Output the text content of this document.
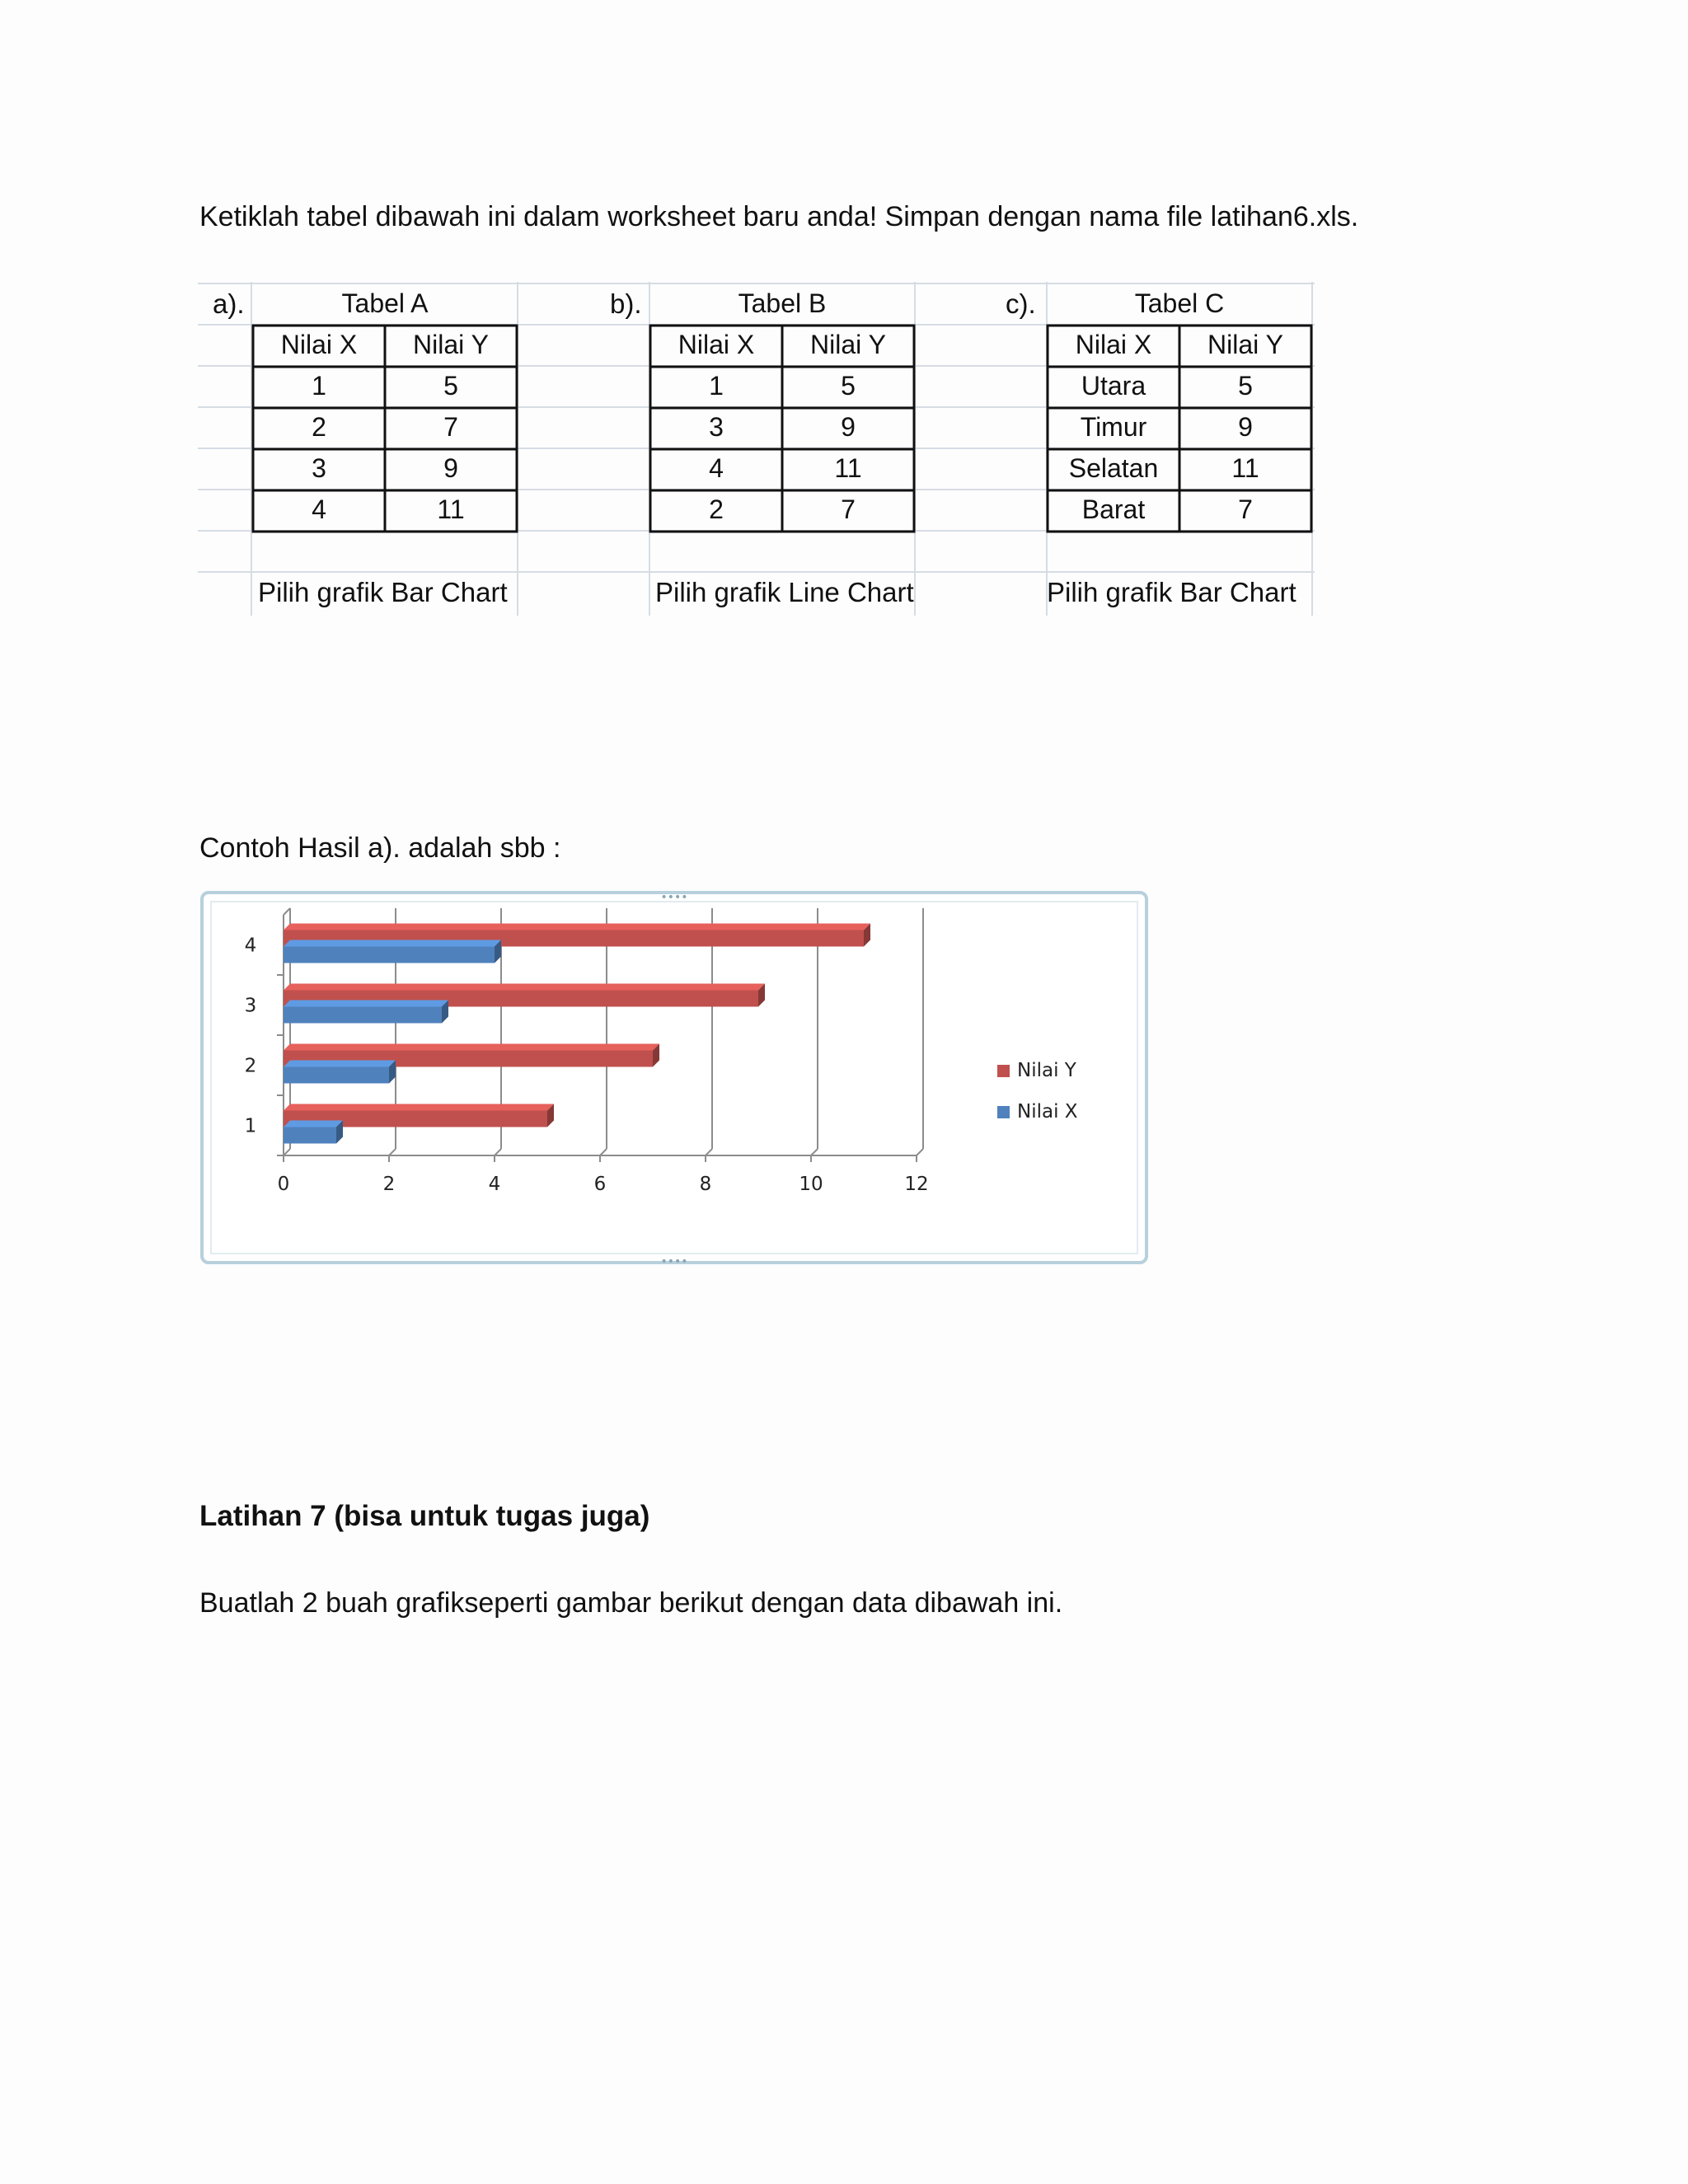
Ketiklah tabel dibawah ini dalam worksheet baru anda! Simpan dengan nama file latihan6.xls.
a).	Tabel A
Nilai X	Nilai Y
1	5
2	7
3	9
4	11
Pilih grafik Bar Chart
b).	Tabel B
Nilai X	Nilai Y
1	5
3	9
4	11
2	7
Pilih grafik Line Chart
c).	Tabel C
Nilai X	Nilai Y
Utara	5
Timur	9
Selatan	11
Barat	7
Pilih grafik Bar Chart
Contoh Hasil a). adalah sbb :
••••
••••
0	2	4	6	8	10	12
1
2
3
4
Nilai Y
Nilai X
Latihan 7 (bisa untuk tugas juga)
Buatlah 2 buah grafikseperti gambar berikut dengan data dibawah ini.
